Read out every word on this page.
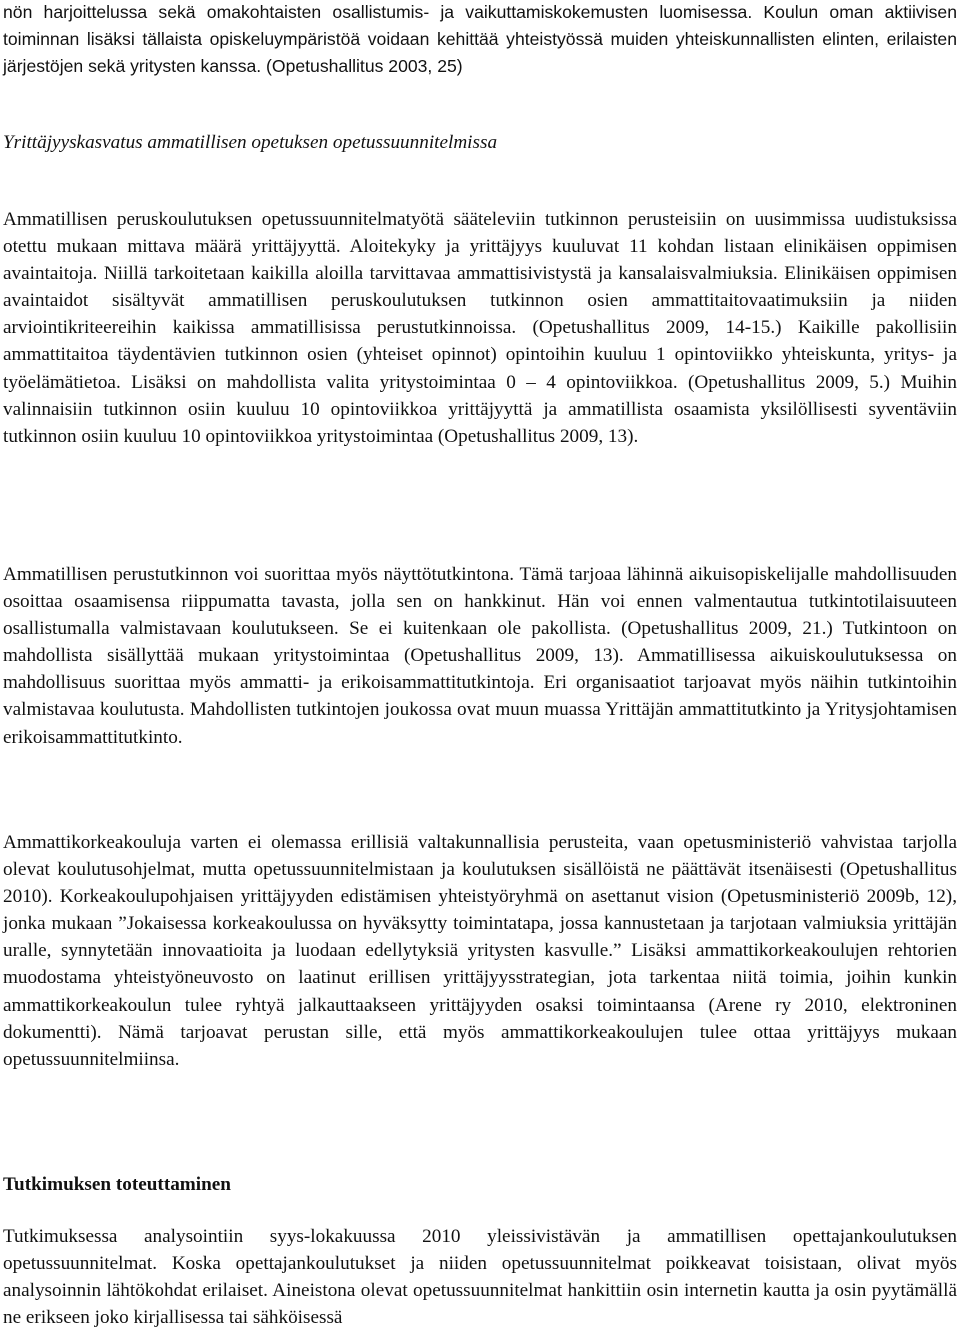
nön harjoittelussa sekä omakohtaisten osallistumis- ja vaikuttamiskokemusten luomisessa. Koulun oman aktiivisen toiminnan lisäksi tällaista opiskeluympäristöä voidaan kehittää yhteistyössä muiden yhteiskunnallisten elinten, erilaisten järjestöjen sekä yritysten kanssa. (Opetushallitus 2003, 25)

Yrittäjyyskasvatus ammatillisen opetuksen opetussuunnitelmissa

Ammatillisen peruskoulutuksen opetussuunnitelmatyötä sääteleviin tutkinnon perusteisiin on uusimmissa uudistuksissa otettu mukaan mittava määrä yrittäjyyttä. Aloitekyky ja yrittäjyys kuuluvat 11 kohdan listaan elinikäisen oppimisen avaintaitoja. Niillä tarkoitetaan kaikilla aloilla tarvittavaa ammattisivistystä ja kansalaisvalmiuksia. Elinikäisen oppimisen avaintaidot sisältyvät ammatillisen peruskoulutuksen tutkinnon osien ammattitaitovaatimuksiin ja niiden arviointikriteereihin kaikissa ammatillisissa perustutkinnoissa. (Opetushallitus 2009, 14-15.) Kaikille pakollisiin ammattitaitoa täydentävien tutkinnon osien (yhteiset opinnot) opintoihin kuuluu 1 opintoviikko yhteiskunta, yritys- ja työelämätietoa. Lisäksi on mahdollista valita yritystoimintaa 0 – 4 opintoviikkoa. (Opetushallitus 2009, 5.) Muihin valinnaisiin tutkinnon osiin kuuluu 10 opintoviikkoa yrittäjyyttä ja ammatillista osaamista yksilöllisesti syventäviin tutkinnon osiin kuuluu 10 opintoviikkoa yritystoimintaa (Opetushallitus 2009, 13).

Ammatillisen perustutkinnon voi suorittaa myös näyttötutkintona. Tämä tarjoaa lähinnä aikuisopiskelijalle mahdollisuuden osoittaa osaamisensa riippumatta tavasta, jolla sen on hankkinut. Hän voi ennen valmentautua tutkintotilaisuuteen osallistumalla valmistavaan koulutukseen. Se ei kuitenkaan ole pakollista. (Opetushallitus 2009, 21.) Tutkintoon on mahdollista sisällyttää mukaan yritystoimintaa (Opetushallitus 2009, 13). Ammatillisessa aikuiskoulutuksessa on mahdollisuus suorittaa myös ammatti- ja erikoisammattitutkintoja. Eri organisaatiot tarjoavat myös näihin tutkintoihin valmistavaa koulutusta. Mahdollisten tutkintojen joukossa ovat muun muassa Yrittäjän ammattitutkinto ja Yritysjohtamisen erikoisammattitutkinto.

Ammattikorkeakouluja varten ei olemassa erillisiä valtakunnallisia perusteita, vaan opetusministeriö vahvistaa tarjolla olevat koulutusohjelmat, mutta opetussuunnitelmistaan ja koulutuksen sisällöistä ne päättävät itsenäisesti (Opetushallitus 2010). Korkeakoulupohjaisen yrittäjyyden edistämisen yhteistyöryhmä on asettanut vision (Opetusministeriö 2009b, 12), jonka mukaan ”Jokaisessa korkeakoulussa on hyväksytty toimintatapa, jossa kannustetaan ja tarjotaan valmiuksia yrittäjän uralle, synnytetään innovaatioita ja luodaan edellytyksiä yritysten kasvulle.” Lisäksi ammattikorkeakoulujen rehtorien muodostama yhteistyöneuvosto on laatinut erillisen yrittäjyysstrategian, jota tarkentaa niitä toimia, joihin kunkin ammattikorkeakoulun tulee ryhtyä jalkauttaakseen yrittäjyyden osaksi toimintaansa (Arene ry 2010, elektroninen dokumentti). Nämä tarjoavat perustan sille, että myös ammattikorkeakoulujen tulee ottaa yrittäjyys mukaan opetussuunnitelmiinsa.

Tutkimuksen toteuttaminen

Tutkimuksessa analysointiin syys-lokakuussa 2010 yleissivistävän ja ammatillisen opettajankoulutuksen opetussuunnitelmat. Koska opettajankoulutukset ja niiden opetussuunnitelmat poikkeavat toisistaan, olivat myös analysoinnin lähtökohdat erilaiset. Aineistona olevat opetussuunnitelmat hankittiin osin internetin kautta ja osin pyytämällä ne erikseen joko kirjallisessa tai sähköisessä
